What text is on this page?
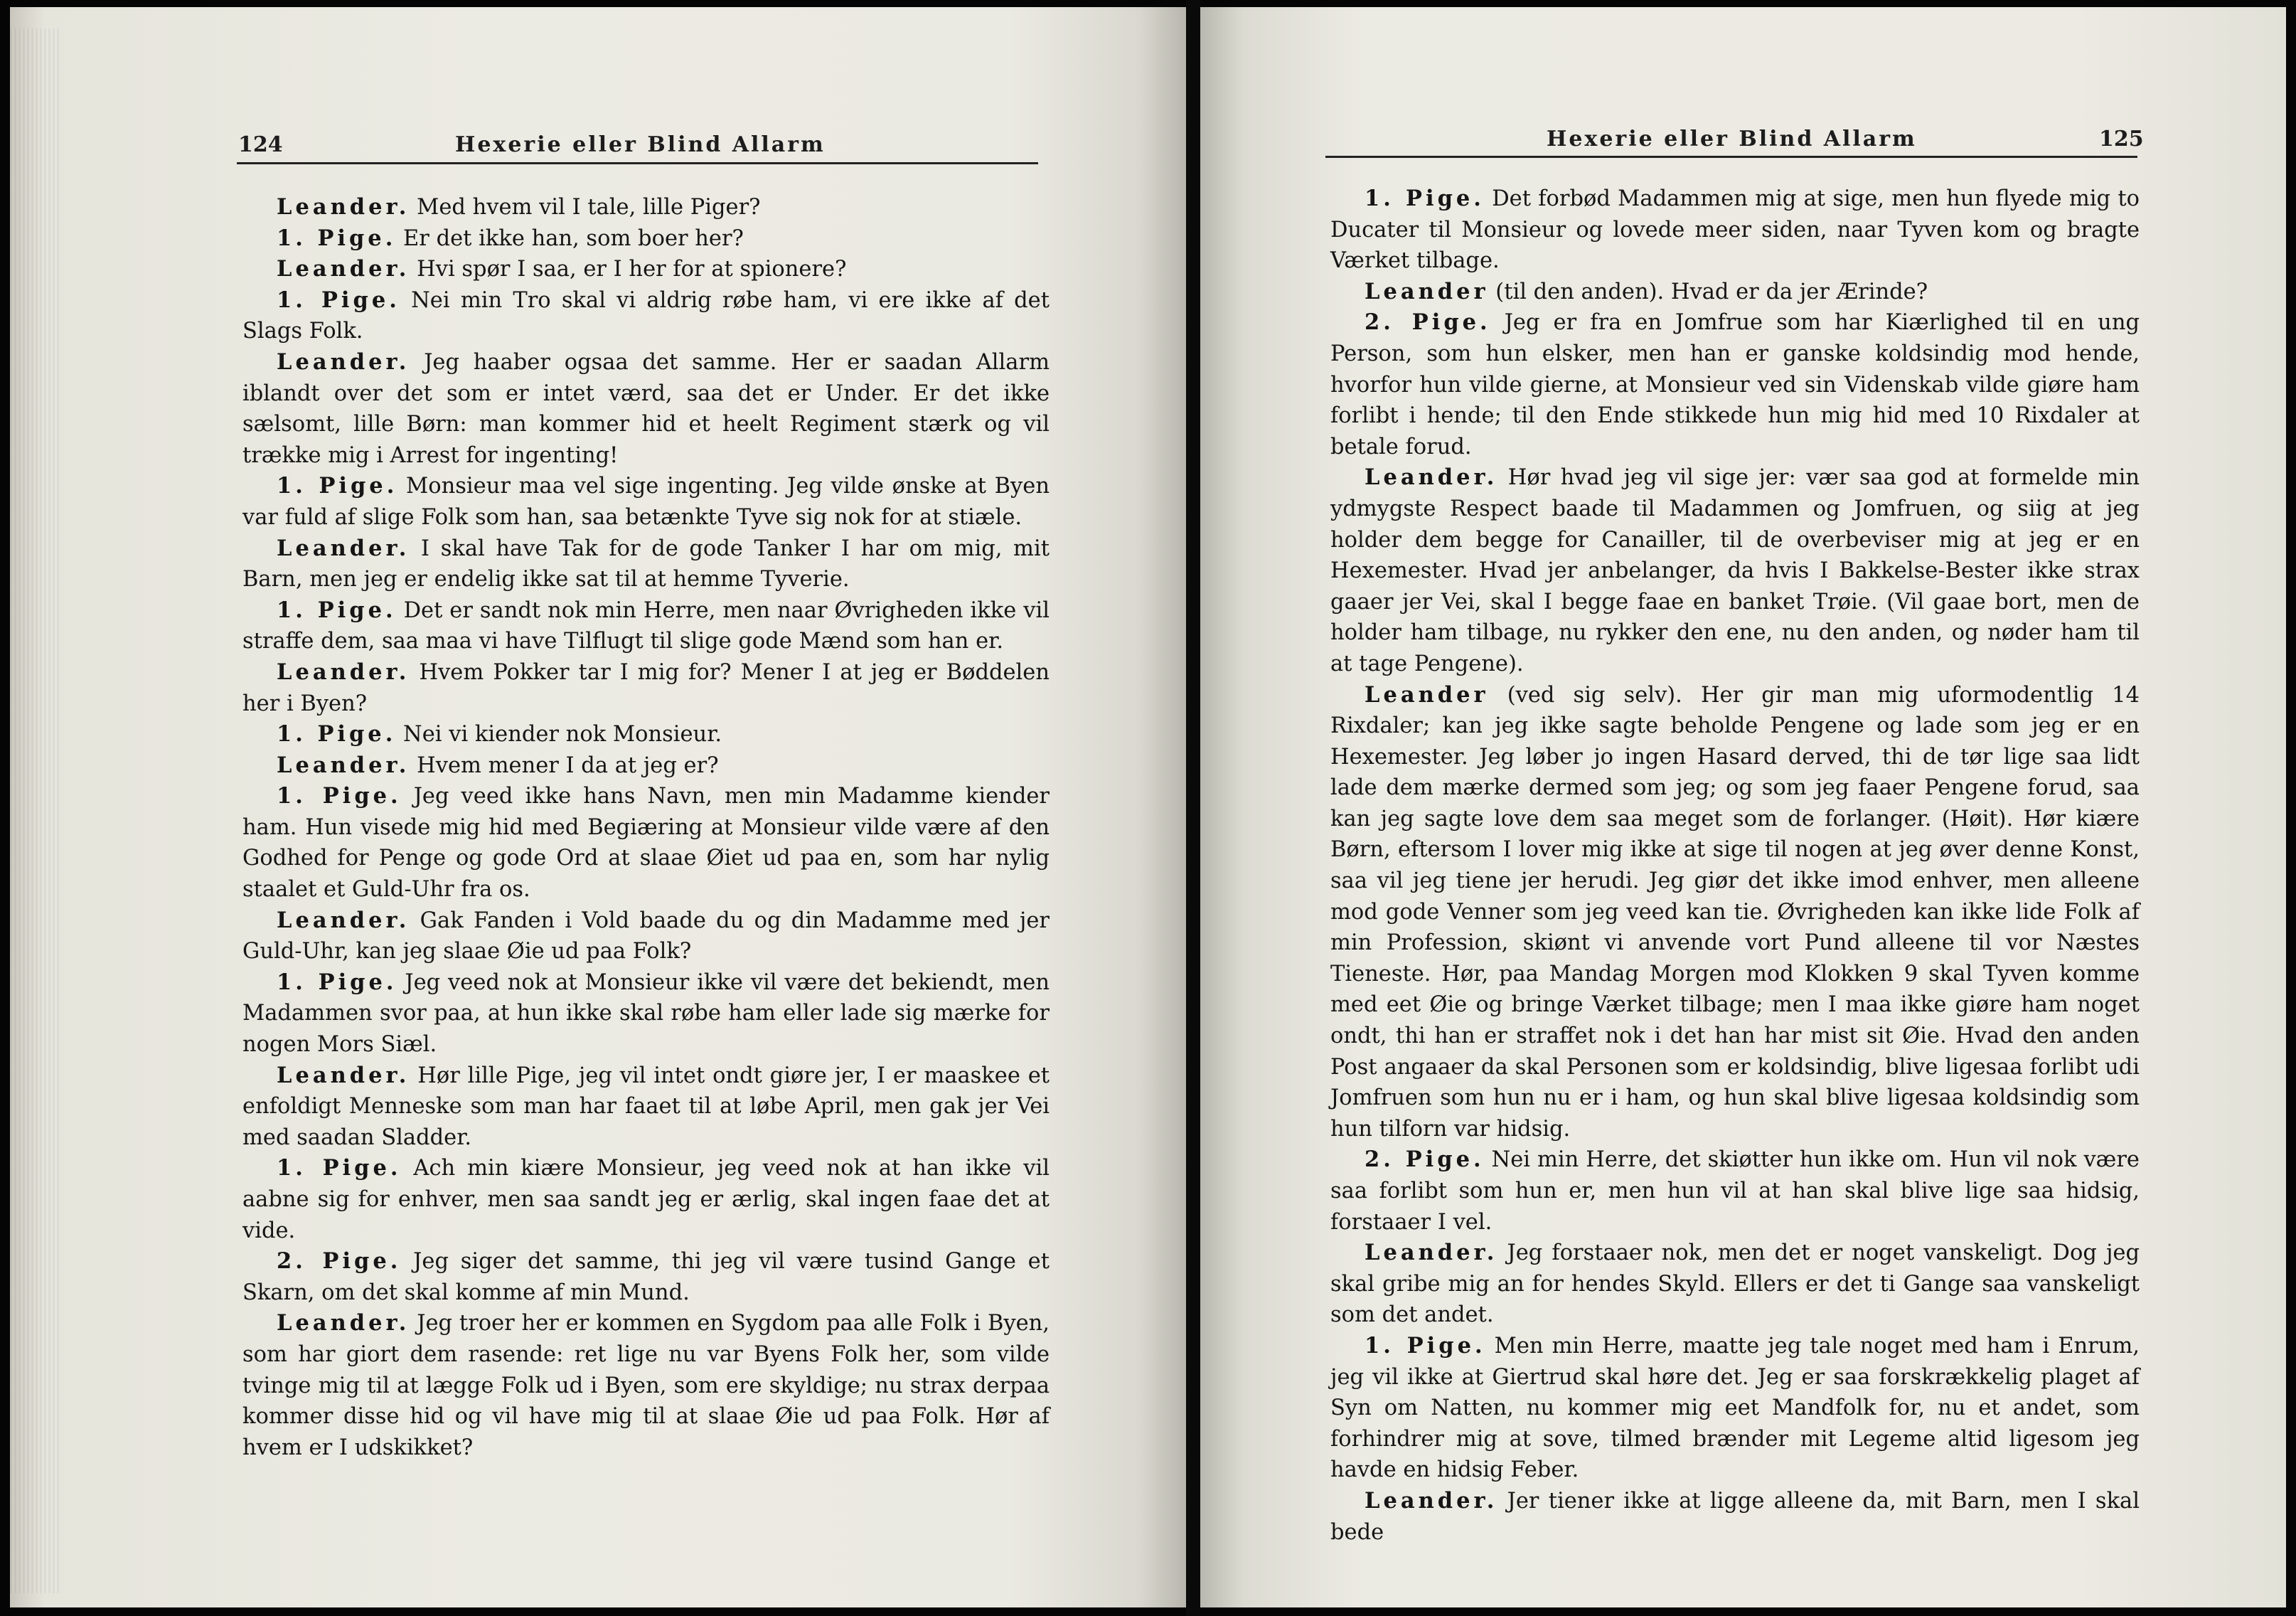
124	Hexerie eller Blind Allarm	Hexerie eller Blind Allarm	125

Leander. Med hvem vil I tale, lille Piger?

1. Pige. Er det ikke han, som boer her?

Leander. Hvi spør I saa, er I her for at spionere?

1. Pige. Nei min Tro skal vi aldrig røbe ham, vi ere ikke af det Slags Folk.

Leander. Jeg haaber ogsaa det samme. Her er saadan Allarm iblandt over det som er intet værd, saa det er Under. Er det ikke sælsomt, lille Børn: man kommer hid et heelt Regiment stærk og vil trække mig i Arrest for ingenting!

1. Pige. Monsieur maa vel sige ingenting. Jeg vilde ønske at Byen var fuld af slige Folk som han, saa betænkte Tyve sig nok for at stiæle.

Leander. I skal have Tak for de gode Tanker I har om mig, mit Barn, men jeg er endelig ikke sat til at hemme Tyverie.

1. Pige. Det er sandt nok min Herre, men naar Øvrigheden ikke vil straffe dem, saa maa vi have Tilflugt til slige gode Mænd som han er.

Leander. Hvem Pokker tar I mig for? Mener I at jeg er Bøddelen her i Byen?

1. Pige. Nei vi kiender nok Monsieur.

Leander. Hvem mener I da at jeg er?

1. Pige. Jeg veed ikke hans Navn, men min Madamme kiender ham. Hun visede mig hid med Begiæring at Monsieur vilde være af den Godhed for Penge og gode Ord at slaae Øiet ud paa en, som har nylig staalet et Guld-Uhr fra os.

Leander. Gak Fanden i Vold baade du og din Madamme med jer Guld-Uhr, kan jeg slaae Øie ud paa Folk?

1. Pige. Jeg veed nok at Monsieur ikke vil være det bekiendt, men Madammen svor paa, at hun ikke skal røbe ham eller lade sig mærke for nogen Mors Siæl.

Leander. Hør lille Pige, jeg vil intet ondt giøre jer, I er maaskee et enfoldigt Menneske som man har faaet til at løbe April, men gak jer Vei med saadan Sladder.

1. Pige. Ach min kiære Monsieur, jeg veed nok at han ikke vil aabne sig for enhver, men saa sandt jeg er ærlig, skal ingen faae det at vide.

2. Pige. Jeg siger det samme, thi jeg vil være tusind Gange et Skarn, om det skal komme af min Mund.

Leander. Jeg troer her er kommen en Sygdom paa alle Folk i Byen, som har giort dem rasende: ret lige nu var Byens Folk her, som vilde tvinge mig til at lægge Folk ud i Byen, som ere skyldige; nu strax derpaa kommer disse hid og vil have mig til at slaae Øie ud paa Folk. Hør af hvem er I udskikket?

1. Pige. Det forbød Madammen mig at sige, men hun flyede mig to Ducater til Monsieur og lovede meer siden, naar Tyven kom og bragte Værket tilbage.

Leander (til den anden). Hvad er da jer Ærinde?

2. Pige. Jeg er fra en Jomfrue som har Kiærlighed til en ung Person, som hun elsker, men han er ganske koldsindig mod hende, hvorfor hun vilde gierne, at Monsieur ved sin Videnskab vilde giøre ham forlibt i hende; til den Ende stikkede hun mig hid med 10 Rixdaler at betale forud.

Leander. Hør hvad jeg vil sige jer: vær saa god at formelde min ydmygste Respect baade til Madammen og Jomfruen, og siig at jeg holder dem begge for Canailler, til de overbeviser mig at jeg er en Hexemester. Hvad jer anbelanger, da hvis I Bakkelse-Bester ikke strax gaaer jer Vei, skal I begge faae en banket Trøie. (Vil gaae bort, men de holder ham tilbage, nu rykker den ene, nu den anden, og nøder ham til at tage Pengene).

Leander (ved sig selv). Her gir man mig uformodentlig 14 Rixdaler; kan jeg ikke sagte beholde Pengene og lade som jeg er en Hexemester. Jeg løber jo ingen Hasard derved, thi de tør lige saa lidt lade dem mærke dermed som jeg; og som jeg faaer Pengene forud, saa kan jeg sagte love dem saa meget som de forlanger. (Høit). Hør kiære Børn, eftersom I lover mig ikke at sige til nogen at jeg øver denne Konst, saa vil jeg tiene jer herudi. Jeg giør det ikke imod enhver, men alleene mod gode Venner som jeg veed kan tie. Øvrigheden kan ikke lide Folk af min Profession, skiønt vi anvende vort Pund alleene til vor Næstes Tieneste. Hør, paa Mandag Morgen mod Klokken 9 skal Tyven komme med eet Øie og bringe Værket tilbage; men I maa ikke giøre ham noget ondt, thi han er straffet nok i det han har mist sit Øie. Hvad den anden Post angaaer da skal Personen som er koldsindig, blive ligesaa forlibt udi Jomfruen som hun nu er i ham, og hun skal blive ligesaa koldsindig som hun tilforn var hidsig.

2. Pige. Nei min Herre, det skiøtter hun ikke om. Hun vil nok være saa forlibt som hun er, men hun vil at han skal blive lige saa hidsig, forstaaer I vel.

Leander. Jeg forstaaer nok, men det er noget vanskeligt. Dog jeg skal gribe mig an for hendes Skyld. Ellers er det ti Gange saa vanskeligt som det andet.

1. Pige. Men min Herre, maatte jeg tale noget med ham i Enrum, jeg vil ikke at Giertrud skal høre det. Jeg er saa forskrækkelig plaget af Syn om Natten, nu kommer mig eet Mandfolk for, nu et andet, som forhindrer mig at sove, tilmed brænder mit Legeme altid ligesom jeg havde en hidsig Feber.

Leander. Jer tiener ikke at ligge alleene da, mit Barn, men I skal bede
